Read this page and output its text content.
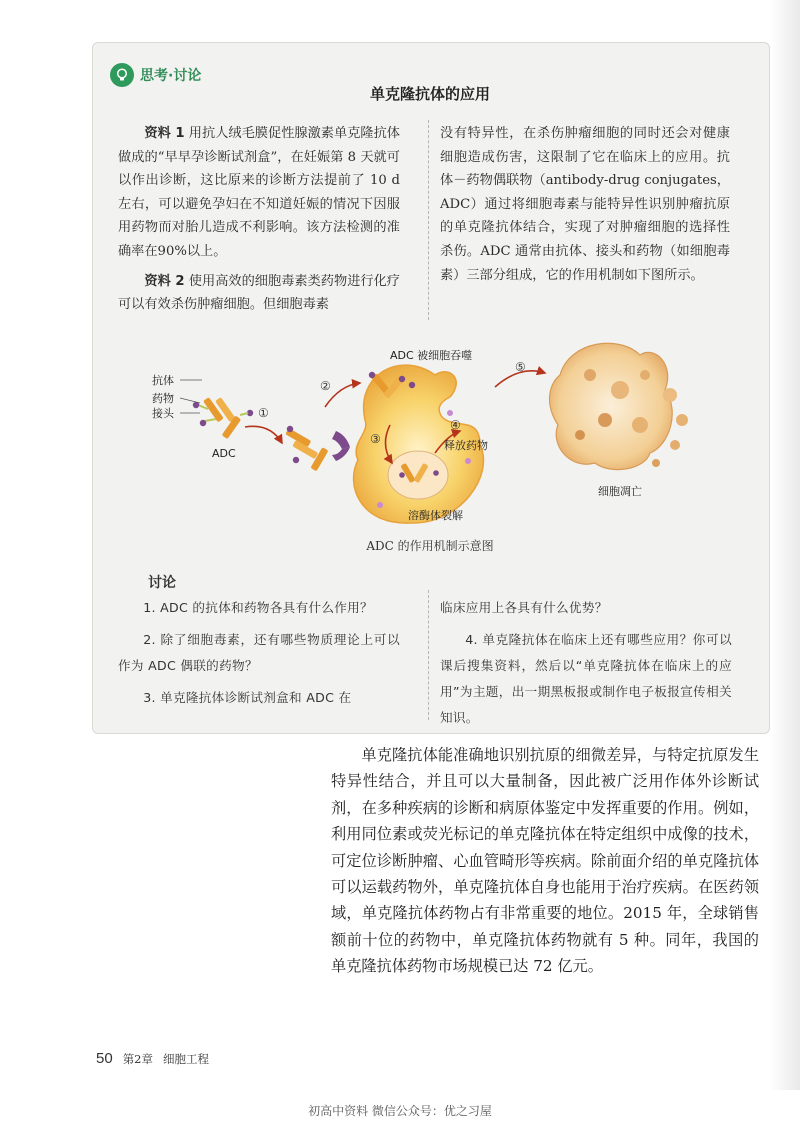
思考·讨论
单克隆抗体的应用

资料 1 用抗人绒毛膜促性腺激素单克隆抗体做成的“早早孕诊断试剂盒”，在妊娠第 8 天就可以作出诊断，这比原来的诊断方法提前了 10 d 左右，可以避免孕妇在不知道妊娠的情况下因服用药物而对胎儿造成不利影响。该方法检测的准确率在90%以上。

资料 2 使用高效的细胞毒素类药物进行化疗可以有效杀伤肿瘤细胞。但细胞毒素

没有特异性，在杀伤肿瘤细胞的同时还会对健康细胞造成伤害，这限制了它在临床上的应用。抗体－药物偶联物（antibody-drug conjugates，ADC）通过将细胞毒素与能特异性识别肿瘤抗原的单克隆抗体结合，实现了对肿瘤细胞的选择性杀伤。ADC 通常由抗体、接头和药物（如细胞毒素）三部分组成，它的作用机制如下图所示。

抗体
药物
接头
ADC
①
②
ADC 被细胞吞噬
溶酶体裂解
③
④
释放药物
⑤
细胞凋亡
ADC 的作用机制示意图
讨论

1. ADC 的抗体和药物各具有什么作用？

2. 除了细胞毒素，还有哪些物质理论上可以作为 ADC 偶联的药物？

3. 单克隆抗体诊断试剂盒和 ADC 在

临床应用上各具有什么优势？

4. 单克隆抗体在临床上还有哪些应用？你可以课后搜集资料，然后以“单克隆抗体在临床上的应用”为主题，出一期黑板报或制作电子板报宣传相关知识。

单克隆抗体能准确地识别抗原的细微差异，与特定抗原发生特异性结合，并且可以大量制备，因此被广泛用作体外诊断试剂，在多种疾病的诊断和病原体鉴定中发挥重要的作用。例如，利用同位素或荧光标记的单克隆抗体在特定组织中成像的技术，可定位诊断肿瘤、心血管畸形等疾病。除前面介绍的单克隆抗体可以运载药物外，单克隆抗体自身也能用于治疗疾病。在医药领域，单克隆抗体药物占有非常重要的地位。2015 年，全球销售额前十位的药物中，单克隆抗体药物就有 5 种。同年，我国的单克隆抗体药物市场规模已达 72 亿元。

50 第2章 细胞工程
初高中资料 微信公众号：优之习屋
